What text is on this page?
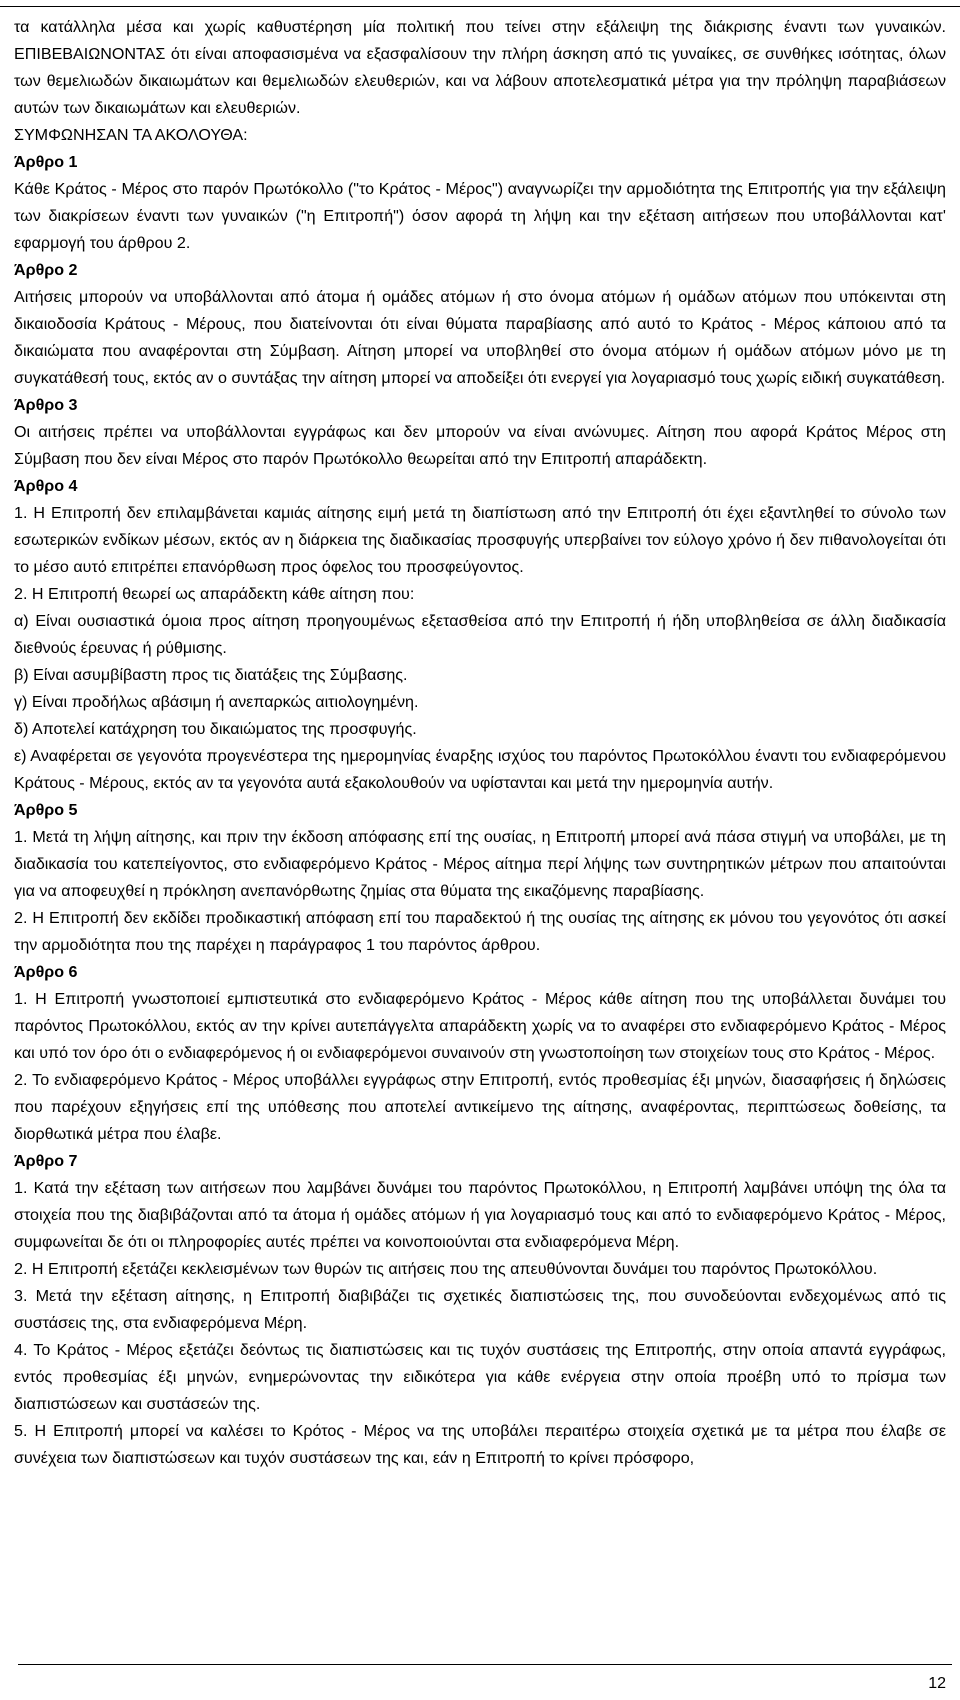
τα κατάλληλα μέσα και χωρίς καθυστέρηση μία πολιτική που τείνει στην εξάλειψη της διάκρισης έναντι των γυναικών. ΕΠΙΒΕΒΑΙΩΝΟΝΤΑΣ ότι είναι αποφασισμένα να εξασφαλίσουν την πλήρη άσκηση από τις γυναίκες, σε συνθήκες ισότητας, όλων των θεμελιωδών δικαιωμάτων και θεμελιωδών ελευθεριών, και να λάβουν αποτελεσματικά μέτρα για την πρόληψη παραβιάσεων αυτών των δικαιωμάτων και ελευθεριών.

ΣΥΜΦΩΝΗΣΑΝ ΤΑ ΑΚΟΛΟΥΘΑ:

Άρθρο 1

Κάθε Κράτος - Μέρος στο παρόν Πρωτόκολλο ("το Κράτος - Μέρος") αναγνωρίζει την αρμοδιότητα της Επιτροπής για την εξάλειψη των διακρίσεων έναντι των γυναικών ("η Επιτροπή") όσον αφορά τη λήψη και την εξέταση αιτήσεων που υποβάλλονται κατ' εφαρμογή του άρθρου 2.

Άρθρο 2

Αιτήσεις μπορούν να υποβάλλονται από άτομα ή ομάδες ατόμων ή στο όνομα ατόμων ή ομάδων ατόμων που υπόκεινται στη δικαιοδοσία Κράτους - Μέρους, που διατείνονται ότι είναι θύματα παραβίασης από αυτό το Κράτος - Μέρος κάποιου από τα δικαιώματα που αναφέρονται στη Σύμβαση. Αίτηση μπορεί να υποβληθεί στο όνομα ατόμων ή ομάδων ατόμων μόνο με τη συγκατάθεσή τους, εκτός αν ο συντάξας την αίτηση μπορεί να αποδείξει ότι ενεργεί για λογαριασμό τους χωρίς ειδική συγκατάθεση.

Άρθρο 3

Οι αιτήσεις πρέπει να υποβάλλονται εγγράφως και δεν μπορούν να είναι ανώνυμες. Αίτηση που αφορά Κράτος Μέρος στη Σύμβαση που δεν είναι Μέρος στο παρόν Πρωτόκολλο θεωρείται από την Επιτροπή απαράδεκτη.

Άρθρο 4

1. Η Επιτροπή δεν επιλαμβάνεται καμιάς αίτησης ειμή μετά τη διαπίστωση από την Επιτροπή ότι έχει εξαντληθεί το σύνολο των εσωτερικών ενδίκων μέσων, εκτός αν η διάρκεια της διαδικασίας προσφυγής υπερβαίνει τον εύλογο χρόνο ή δεν πιθανολογείται ότι το μέσο αυτό επιτρέπει επανόρθωση προς όφελος του προσφεύγοντος.

2. Η Επιτροπή θεωρεί ως απαράδεκτη κάθε αίτηση που:

α) Είναι ουσιαστικά όμοια προς αίτηση προηγουμένως εξετασθείσα από την Επιτροπή ή ήδη υποβληθείσα σε άλλη διαδικασία διεθνούς έρευνας ή ρύθμισης.

β) Είναι ασυμβίβαστη προς τις διατάξεις της Σύμβασης.

γ) Είναι προδήλως αβάσιμη ή ανεπαρκώς αιτιολογημένη.

δ) Αποτελεί κατάχρηση του δικαιώματος της προσφυγής.

ε) Αναφέρεται σε γεγονότα προγενέστερα της ημερομηνίας έναρξης ισχύος του παρόντος Πρωτοκόλλου έναντι του ενδιαφερόμενου Κράτους - Μέρους, εκτός αν τα γεγονότα αυτά εξακολουθούν να υφίστανται και μετά την ημερομηνία αυτήν.

Άρθρο 5

1. Μετά τη λήψη αίτησης, και πριν την έκδοση απόφασης επί της ουσίας, η Επιτροπή μπορεί ανά πάσα στιγμή να υποβάλει, με τη διαδικασία του κατεπείγοντος, στο ενδιαφερόμενο Κράτος - Μέρος αίτημα περί λήψης των συντηρητικών μέτρων που απαιτούνται για να αποφευχθεί η πρόκληση ανεπανόρθωτης ζημίας στα θύματα της εικαζόμενης παραβίασης.

2. Η Επιτροπή δεν εκδίδει προδικαστική απόφαση επί του παραδεκτού ή της ουσίας της αίτησης εκ μόνου του γεγονότος ότι ασκεί την αρμοδιότητα που της παρέχει η παράγραφος 1 του παρόντος άρθρου.

Άρθρο 6

1. Η Επιτροπή γνωστοποιεί εμπιστευτικά στο ενδιαφερόμενο Κράτος - Μέρος κάθε αίτηση που της υποβάλλεται δυνάμει του παρόντος Πρωτοκόλλου, εκτός αν την κρίνει αυτεπάγγελτα απαράδεκτη χωρίς να το αναφέρει στο ενδιαφερόμενο Κράτος - Μέρος και υπό τον όρο ότι ο ενδιαφερόμενος ή οι ενδιαφερόμενοι συναινούν στη γνωστοποίηση των στοιχείων τους στο Κράτος - Μέρος.

2. Το ενδιαφερόμενο Κράτος - Μέρος υποβάλλει εγγράφως στην Επιτροπή, εντός προθεσμίας έξι μηνών, διασαφήσεις ή δηλώσεις που παρέχουν εξηγήσεις επί της υπόθεσης που αποτελεί αντικείμενο της αίτησης, αναφέροντας, περιπτώσεως δοθείσης, τα διορθωτικά μέτρα που έλαβε.

Άρθρο 7

1. Κατά την εξέταση των αιτήσεων που λαμβάνει δυνάμει του παρόντος Πρωτοκόλλου, η Επιτροπή λαμβάνει υπόψη της όλα τα στοιχεία που της διαβιβάζονται από τα άτομα ή ομάδες ατόμων ή για λογαριασμό τους και από το ενδιαφερόμενο Κράτος - Μέρος, συμφωνείται δε ότι οι πληροφορίες αυτές πρέπει να κοινοποιούνται στα ενδιαφερόμενα Μέρη.

2. Η Επιτροπή εξετάζει κεκλεισμένων των θυρών τις αιτήσεις που της απευθύνονται δυνάμει του παρόντος Πρωτοκόλλου.

3. Μετά την εξέταση αίτησης, η Επιτροπή διαβιβάζει τις σχετικές διαπιστώσεις της, που συνοδεύονται ενδεχομένως από τις συστάσεις της, στα ενδιαφερόμενα Μέρη.

4. Το Κράτος - Μέρος εξετάζει δεόντως τις διαπιστώσεις και τις τυχόν συστάσεις της Επιτροπής, στην οποία απαντά εγγράφως, εντός προθεσμίας έξι μηνών, ενημερώνοντας την ειδικότερα για κάθε ενέργεια στην οποία προέβη υπό το πρίσμα των διαπιστώσεων και συστάσεών της.

5. Η Επιτροπή μπορεί να καλέσει το Κρότος - Μέρος να της υποβάλει περαιτέρω στοιχεία σχετικά με τα μέτρα που έλαβε σε συνέχεια των διαπιστώσεων και τυχόν συστάσεων της και, εάν η Επιτροπή το κρίνει πρόσφορο,

12
